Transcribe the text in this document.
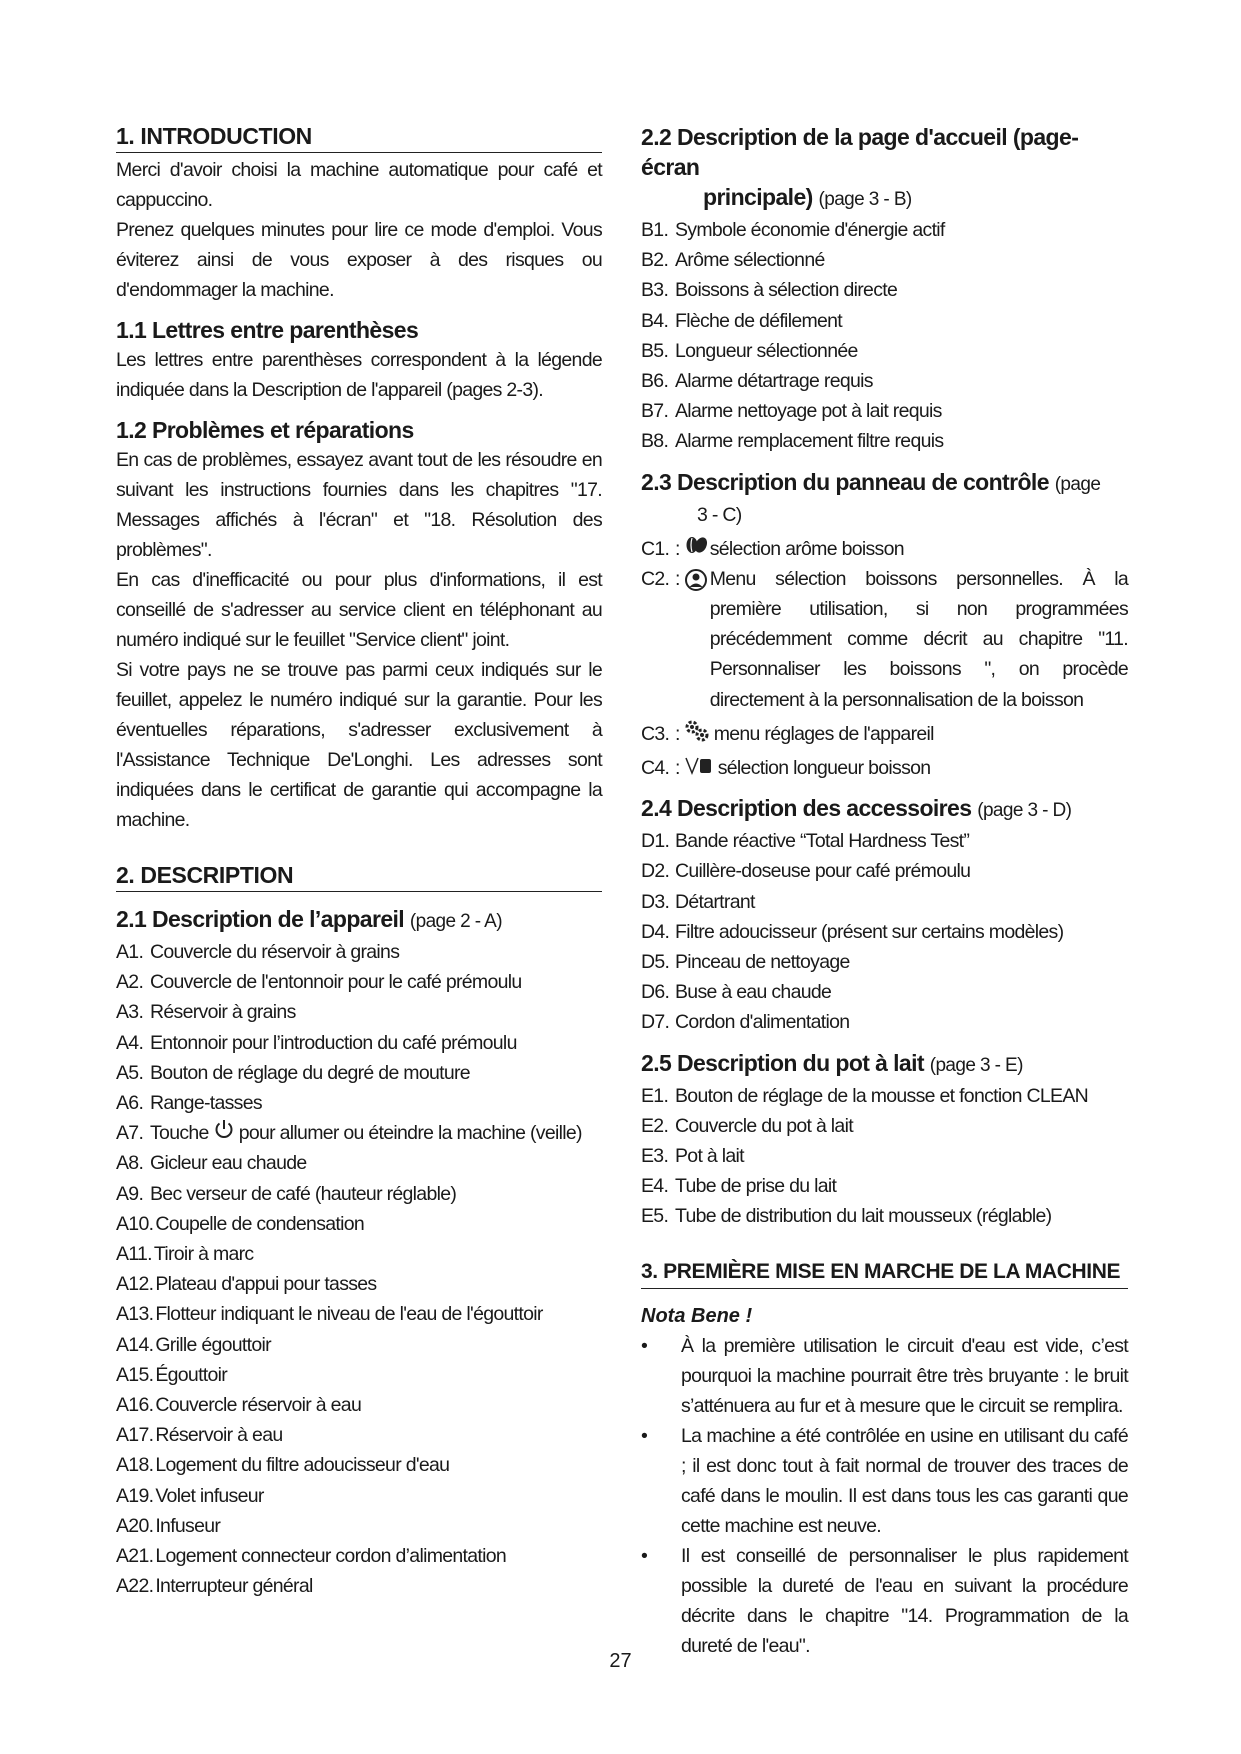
1. INTRODUCTION

Merci d'avoir choisi la machine automatique pour café et cappuccino.

Prenez quelques minutes pour lire ce mode d'emploi. Vous éviterez ainsi de vous exposer à des risques ou d'endommager la machine.

1.1 Lettres entre parenthèses

Les lettres entre parenthèses correspondent à la légende indiquée dans la Description de l'appareil (pages 2-3).

1.2 Problèmes et réparations

En cas de problèmes, essayez avant tout de les résoudre en suivant les instructions fournies dans les chapitres "17. Messages affichés à l'écran" et "18. Résolution des problèmes".

En cas d'inefficacité ou pour plus d'informations, il est conseillé de s'adresser au service client en téléphonant au numéro indiqué sur le feuillet "Service client" joint.

Si votre pays ne se trouve pas parmi ceux indiqués sur le feuillet, appelez le numéro indiqué sur la garantie. Pour les éventuelles réparations, s'adresser exclusivement à l'Assistance Technique De'Longhi. Les adresses sont indiquées dans le certificat de garantie qui accompagne la machine.

2. DESCRIPTION
2.1 Description de l’appareil (page 2 - A)
A1. Couvercle du réservoir à grains
A2. Couvercle de l'entonnoir pour le café prémoulu
A3. Réservoir à grains
A4. Entonnoir pour l’introduction du café prémoulu
A5. Bouton de réglage du degré de mouture
A6. Range-tasses
A7. Touche pour allumer ou éteindre la machine (veille)
A8. Gicleur eau chaude
A9. Bec verseur de café (hauteur réglable)
A10. Coupelle de condensation
A11. Tiroir à marc
A12. Plateau d'appui pour tasses
A13. Flotteur indiquant le niveau de l'eau de l'égouttoir
A14. Grille égouttoir
A15. Égouttoir
A16. Couvercle réservoir à eau
A17. Réservoir à eau
A18. Logement du filtre adoucisseur d'eau
A19. Volet infuseur
A20. Infuseur
A21. Logement connecteur cordon d’alimentation
A22. Interrupteur général
2.2 Description de la page d'accueil (page-écran
principale) (page 3 - B)
B1. Symbole économie d'énergie actif
B2. Arôme sélectionné
B3. Boissons à sélection directe
B4. Flèche de défilement
B5. Longueur sélectionnée
B6. Alarme détartrage requis
B7. Alarme nettoyage pot à lait requis
B8. Alarme remplacement filtre requis
2.3 Description du panneau de contrôle (page
3 - C)
C1. : sélection arôme boisson
C2. : Menu sélection boissons personnelles. À la première utilisation, si non programmées précédemment comme décrit au chapitre "11. Personnaliser les boissons ", on procède directement à la personnalisation de la boisson
C3. : menu réglages de l'appareil
C4. : sélection longueur boisson
2.4 Description des accessoires (page 3 - D)
D1. Bande réactive “Total Hardness Test”
D2. Cuillère-doseuse pour café prémoulu
D3. Détartrant
D4. Filtre adoucisseur (présent sur certains modèles)
D5. Pinceau de nettoyage
D6. Buse à eau chaude
D7. Cordon d'alimentation
2.5 Description du pot à lait (page 3 - E)
E1. Bouton de réglage de la mousse et fonction CLEAN
E2. Couvercle du pot à lait
E3. Pot à lait
E4. Tube de prise du lait
E5. Tube de distribution du lait mousseux (réglable)
3. PREMIÈRE MISE EN MARCHE DE LA MACHINE
Nota Bene !
•	À la première utilisation le circuit d'eau est vide, c’est pourquoi la machine pourrait être très bruyante : le bruit s’atténuera au fur et à mesure que le circuit se remplira.
•	La machine a été contrôlée en usine en utilisant du café ; il est donc tout à fait normal de trouver des traces de café dans le moulin. Il est dans tous les cas garanti que cette machine est neuve.
•	Il est conseillé de personnaliser le plus rapidement possible la dureté de l'eau en suivant la procédure décrite dans le chapitre "14. Programmation de la dureté de l'eau".
27
